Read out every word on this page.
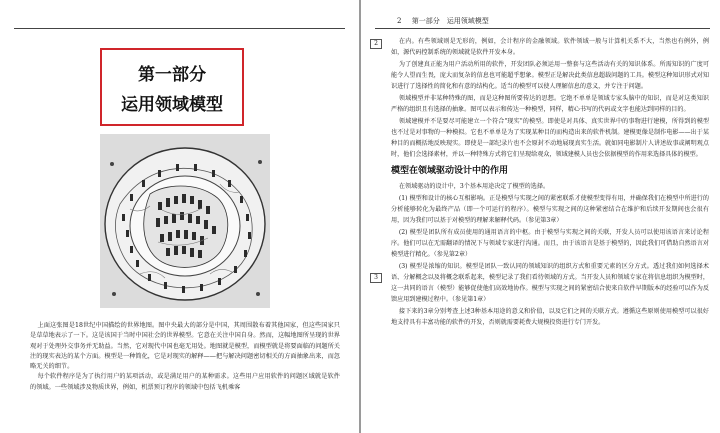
第一部分
运用领域模型

上面这张图是18世纪中国描绘的世界地图。图中央最大的部分是中国，其周围散布着其他国家，但这些国家只是草草地表示了一下。这是该国于当时中国社会的世界模型。它意在关注中国自身。然而，这幅地图所呈现的世界观对于处理外交事务并无助益。当然，它对现代中国也毫无用处。地图就是模型，而模型就是将要面临的问题所关注的现实表达的某个方面。模型是一种简化，它是对现实的解释——把与解决问题密切相关的方面抽象出来，而忽略无关的细节。

每个软件程序是为了执行用户的某项活动，或是满足用户的某种需求。这些用户应用软件的问题区域就是软件的领域。一些领域涉及物质世界，例如，机票预订程序的领域中包括飞机乘客

2 第一部分　运用领域模型
2
3

在内。有些领域则是无形的，例如，会计程序的金融领域。软件领域一般与计算机关系不大，当然也有例外，例如，源代码控制系统的领域就是软件开发本身。

为了创建真正能为用户活动所用的软件，开发团队必须运用一整套与这些活动有关的知识体系。所需知识的广度可能令人望而生畏，庞大而复杂的信息也可能超乎想象。模型正是解决此类信息超载问题的工具。模型这种知识形式对知识进行了选择性的简化和有意的结构化。适当的模型可以使人理解信息的意义，并专注于问题。

领域模型并非某种特殊的图，而是这种图所要传达的思想。它绝不单单是领域专家头脑中的知识，而是对这类知识严格的组织且有选择的抽象。图可以表示和传达一种模型，同样，精心书写的代码或文字也能达到同样的目的。

领域建模并不是要尽可能建立一个符合"现实"的模型。即使是对具体、真实世界中的事物进行建模，所得到的模型也不过是对事物的一种模拟。它也不单单是为了实现某种目的而构造出来的软件机制。建模更像是制作电影——出于某种目的而概括地反映现实。即使是一部纪录片也不会原封不动地展现真实生活。就如同电影制片人讲述故事或阐明观点时，他们会选择素材，并以一种特殊方式将它们呈现给观众，领域建模人员也会依据模型的作用来选择具体的模型。

模型在领域驱动设计中的作用

在领域驱动的设计中，3个基本用途决定了模型的选择。

(1) 模型和设计的核心互相影响。正是模型与实现之间的紧密联系才使模型变得有用，并确保我们在模型中所进行的分析能够转化为最终产品（即一个可运行的程序）。模型与实现之间的这种紧密结合在维护和后续开发期间也会很有用，因为我们可以基于对模型的理解来解释代码。（参见第3章）

(2) 模型是团队所有成员使用的通用语言的中枢。由于模型与实现之间的关联，开发人员可以使用该语言来讨论程序。他们可以在无需翻译的情况下与领域专家进行沟通。而且，由于该语言是基于模型的，因此我们可借助自然语言对模型进行精化。（参见第2章）

(3) 模型是浓缩的知识。模型是团队一致认同的领域知识的组织方式和重要元素的区分方式。透过我们如何选择术语、分解概念以及将概念联系起来，模型记录了我们看待领域的方式。当开发人员和领域专家在将信息组织为模型时，这一共同的语言（模型）能够促使他们高效地协作。模型与实现之间的紧密结合使来自软件早期版本的经验可以作为反馈应用到建模过程中。（参见第1章）

接下来的3章分别考查上述3种基本用途的意义和价值，以及它们之间的关联方式。遵循这些原则使用模型可以很好地支持具有丰富功能的软件的开发，否则就需要耗费大规模投资进行专门开发。
